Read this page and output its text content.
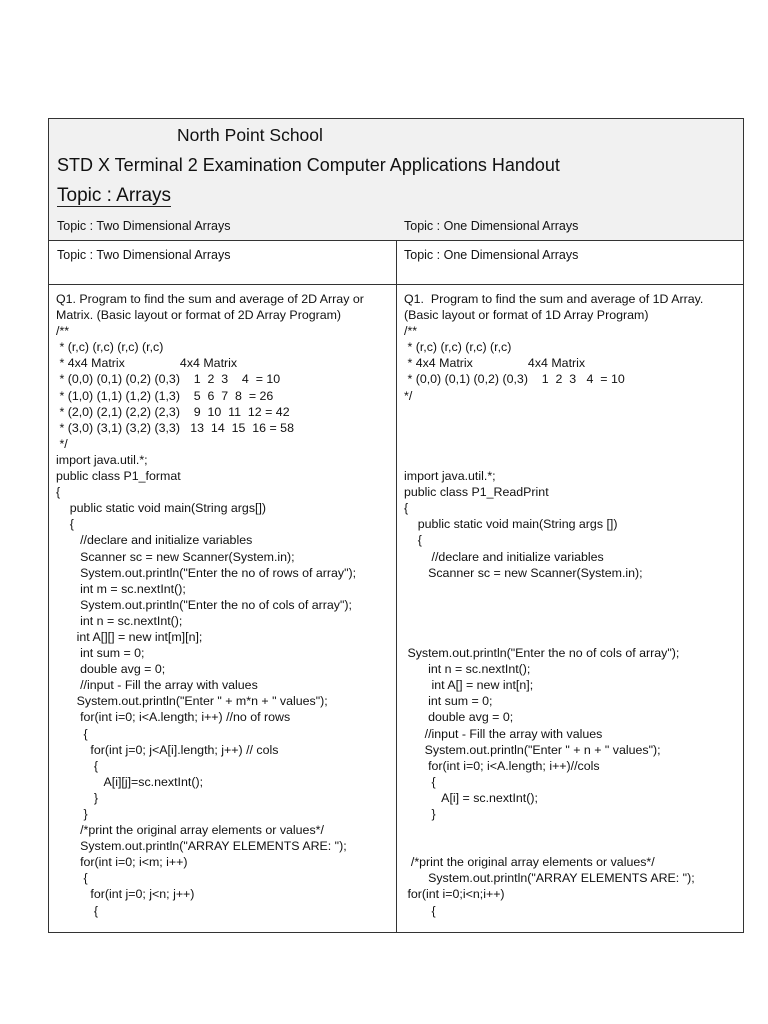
North Point School
STD X Terminal 2 Examination Computer Applications Handout
Topic : Arrays
Topic : Two Dimensional Arrays	Topic : One Dimensional Arrays
Topic : Two Dimensional Arrays	Topic : One Dimensional Arrays
Q1. Program to find the sum and average of 2D Array or
Matrix. (Basic layout or format of 2D Array Program)
/**
* (r,c) (r,c) (r,c) (r,c)
* 4x4 Matrix                4x4 Matrix
* (0,0) (0,1) (0,2) (0,3)    1  2  3    4  = 10
* (1,0) (1,1) (1,2) (1,3)    5  6  7  8  = 26
* (2,0) (2,1) (2,2) (2,3)    9  10  11  12 = 42
* (3,0) (3,1) (3,2) (3,3)   13  14  15  16 = 58
*/
import java.util.*;
public class P1_format
{
public static void main(String args[])
{
//declare and initialize variables
Scanner sc = new Scanner(System.in);
System.out.println("Enter the no of rows of array");
int m = sc.nextInt();
System.out.println("Enter the no of cols of array");
int n = sc.nextInt();
int A[][] = new int[m][n];
int sum = 0;
double avg = 0;
//input - Fill the array with values
System.out.println("Enter " + m*n + " values");
for(int i=0; i<A.length; i++) //no of rows
{
for(int j=0; j<A[i].length; j++) // cols
{
A[i][j]=sc.nextInt();
}
}
/*print the original array elements or values*/
System.out.println("ARRAY ELEMENTS ARE: ");
for(int i=0; i<m; i++)
{
for(int j=0; j<n; j++)
{
Q1.  Program to find the sum and average of 1D Array.
(Basic layout or format of 1D Array Program)
/**
* (r,c) (r,c) (r,c) (r,c)
* 4x4 Matrix                4x4 Matrix
* (0,0) (0,1) (0,2) (0,3)    1  2  3   4  = 10
*/
import java.util.*;
public class P1_ReadPrint
{
public static void main(String args [])
{
//declare and initialize variables
Scanner sc = new Scanner(System.in);
System.out.println("Enter the no of cols of array");
int n = sc.nextInt();
int A[] = new int[n];
int sum = 0;
double avg = 0;
//input - Fill the array with values
System.out.println("Enter " + n + " values");
for(int i=0; i<A.length; i++)//cols
{
A[i] = sc.nextInt();
}
/*print the original array elements or values*/
System.out.println("ARRAY ELEMENTS ARE: ");
for(int i=0;i<n;i++)
{
